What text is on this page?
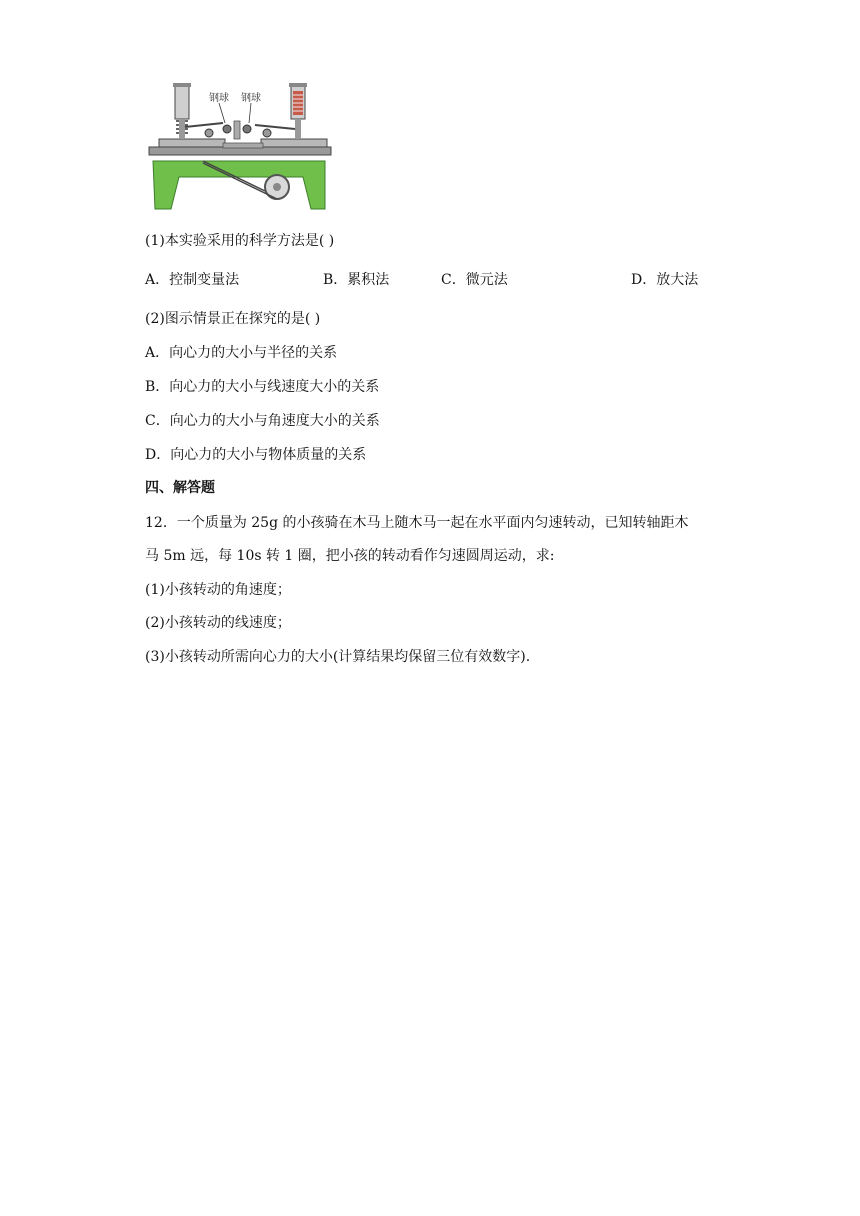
钢球 钢球
(1)本实验采用的科学方法是( )
A．控制变量法	B．累积法	C．微元法	D．放大法
(2)图示情景正在探究的是( )
A．向心力的大小与半径的关系
B．向心力的大小与线速度大小的关系
C．向心力的大小与角速度大小的关系
D．向心力的大小与物体质量的关系
四、解答题
12．一个质量为 25g 的小孩骑在木马上随木马一起在水平面内匀速转动，已知转轴距木
马 5m 远，每 10s 转 1 圈，把小孩的转动看作匀速圆周运动，求:
(1)小孩转动的角速度；
(2)小孩转动的线速度；
(3)小孩转动所需向心力的大小(计算结果均保留三位有效数字).
